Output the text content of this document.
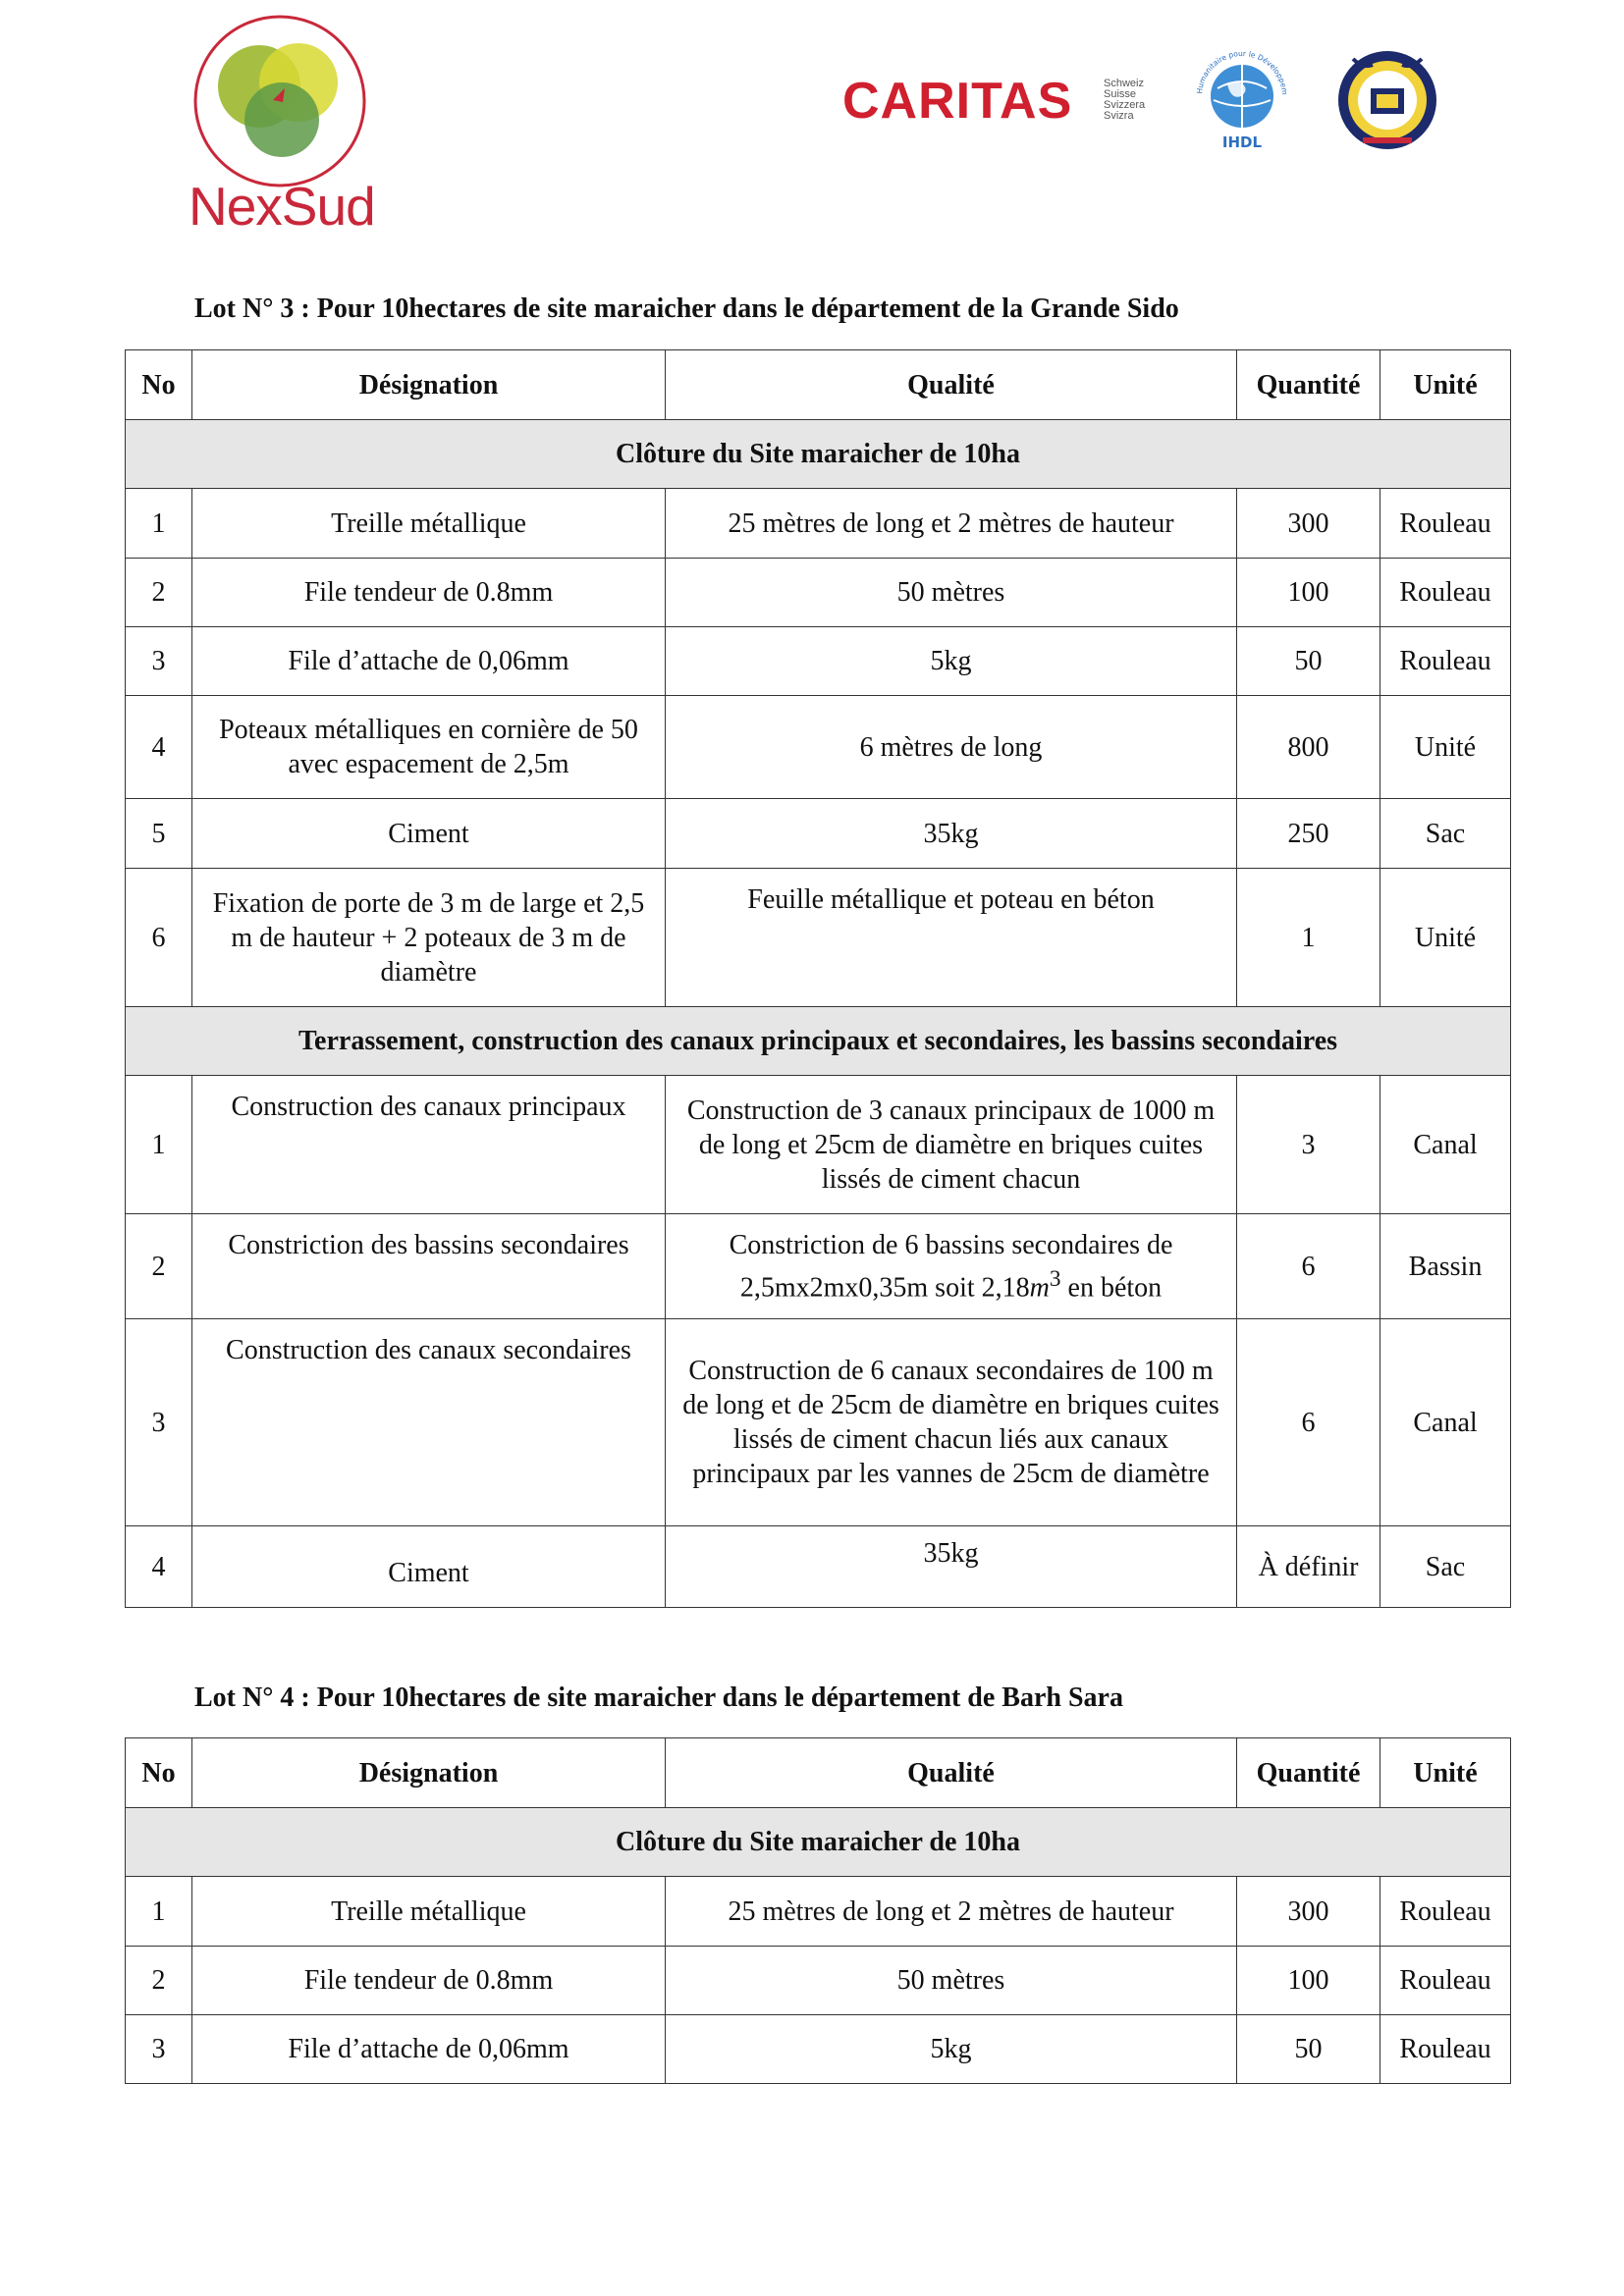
NexSud
CARITAS	Schweiz
Suisse
Svizzera
Svizra
Humanitaire pour le Développem
IHDL
Lot N° 3 : Pour 10hectares de site maraicher dans le département de la Grande Sido
No	Désignation	Qualité	Quantité	Unité
Clôture du Site maraicher de 10ha				
1	Treille métallique	25 mètres de long et 2 mètres de hauteur	300	Rouleau
2	File tendeur de 0.8mm	50 mètres	100	Rouleau
3	File d’attache de 0,06mm	5kg	50	Rouleau
4	Poteaux métalliques en cornière de 50 avec espacement de 2,5m	6 mètres de long	800	Unité
5	Ciment	35kg	250	Sac
6	Fixation de porte de 3 m de large et 2,5 m de hauteur + 2 poteaux de 3 m de diamètre	Feuille métallique et poteau en béton	1	Unité
Terrassement, construction des canaux principaux et secondaires, les bassins secondaires				
1	Construction des canaux principaux	Construction de 3 canaux principaux de 1000 m de long et 25cm de diamètre en briques cuites lissés de ciment chacun	3	Canal
2	Constriction des bassins secondaires	Constriction de 6 bassins secondaires de 2,5mx2mx0,35m soit $2,18m^3$ en béton	6	Bassin
3	Construction des canaux secondaires	Construction de 6 canaux secondaires de 100 m de long et de 25cm de diamètre en briques cuites lissés de ciment chacun liés aux canaux principaux par les vannes de 25cm de diamètre	6	Canal
4	Ciment	35kg	À définir	Sac
Lot N° 4 : Pour 10hectares de site maraicher dans le département de Barh Sara
No	Désignation	Qualité	Quantité	Unité
Clôture du Site maraicher de 10ha				
1	Treille métallique	25 mètres de long et 2 mètres de hauteur	300	Rouleau
2	File tendeur de 0.8mm	50 mètres	100	Rouleau
3	File d’attache de 0,06mm	5kg	50	Rouleau
